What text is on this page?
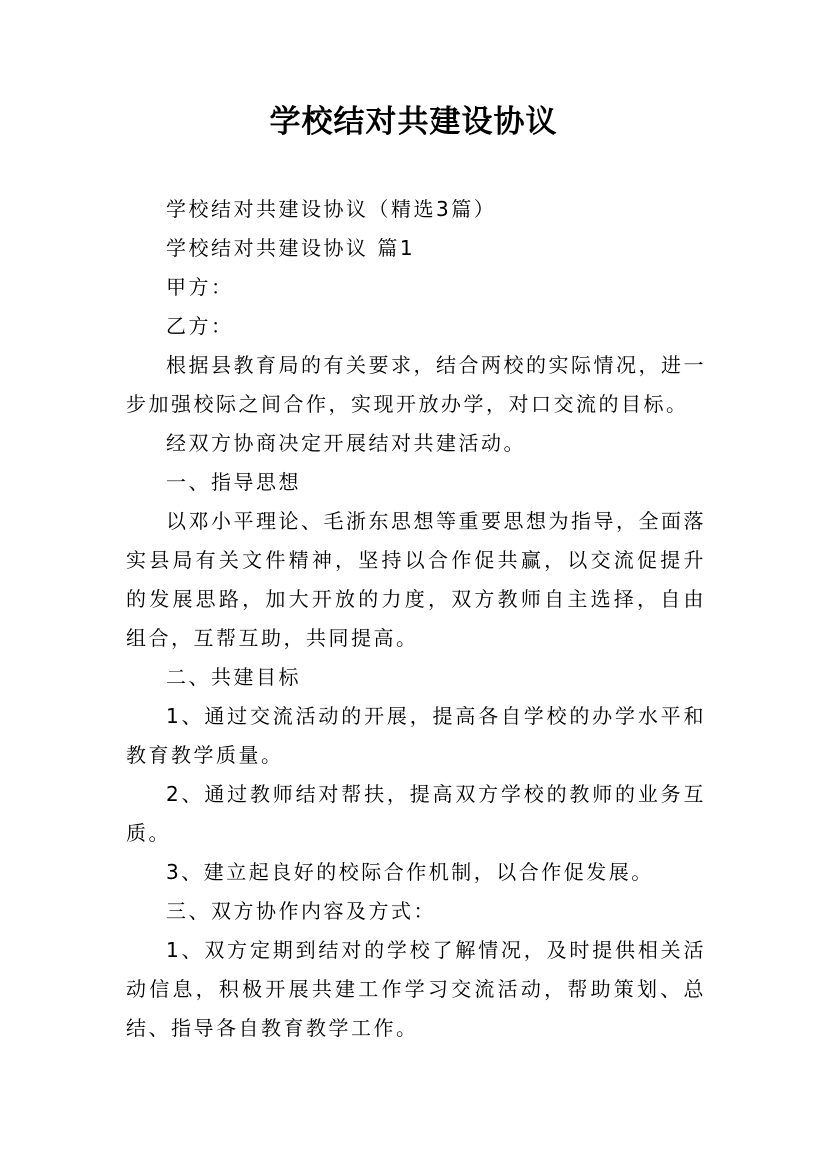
学校结对共建设协议

学校结对共建设协议（精选3篇）

学校结对共建设协议 篇1

甲方：

乙方：

根据县教育局的有关要求，结合两校的实际情况，进一步加强校际之间合作，实现开放办学，对口交流的目标。

经双方协商决定开展结对共建活动。

一、指导思想

以邓小平理论、毛浙东思想等重要思想为指导，全面落实县局有关文件精神，坚持以合作促共赢，以交流促提升的发展思路，加大开放的力度，双方教师自主选择，自由组合，互帮互助，共同提高。

二、共建目标

1、通过交流活动的开展，提高各自学校的办学水平和教育教学质量。

2、通过教师结对帮扶，提高双方学校的教师的业务互质。

3、建立起良好的校际合作机制，以合作促发展。

三、双方协作内容及方式：

1、双方定期到结对的学校了解情况，及时提供相关活动信息，积极开展共建工作学习交流活动，帮助策划、总结、指导各自教育教学工作。
